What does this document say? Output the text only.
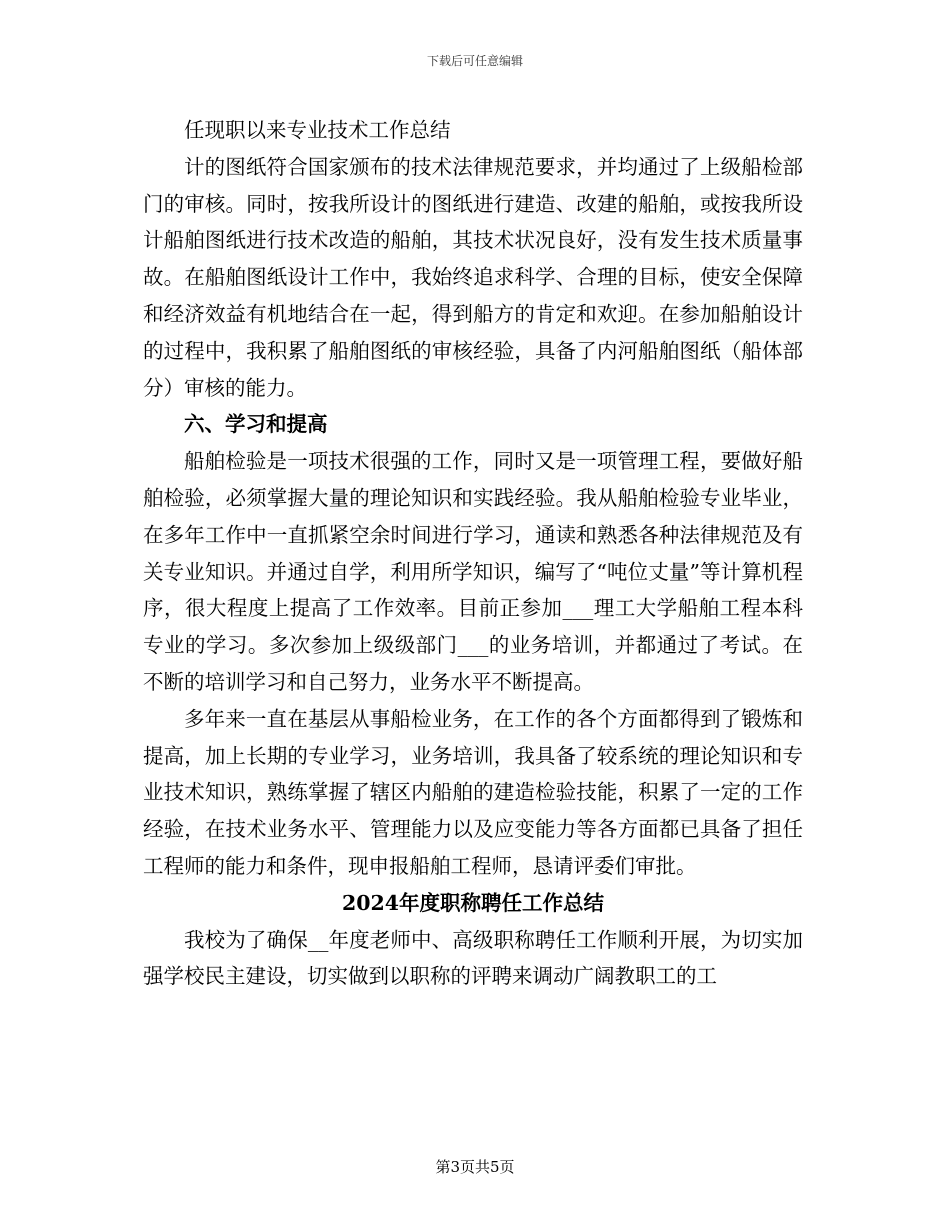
下载后可任意编辑

任现职以来专业技术工作总结

计的图纸符合国家颁布的技术法律规范要求，并均通过了上级船检部门的审核。同时，按我所设计的图纸进行建造、改建的船舶，或按我所设计船舶图纸进行技术改造的船舶，其技术状况良好，没有发生技术质量事故。在船舶图纸设计工作中，我始终追求科学、合理的目标，使安全保障和经济效益有机地结合在一起，得到船方的肯定和欢迎。在参加船舶设计的过程中，我积累了船舶图纸的审核经验，具备了内河船舶图纸（船体部分）审核的能力。

六、学习和提高

船舶检验是一项技术很强的工作，同时又是一项管理工程，要做好船舶检验，必须掌握大量的理论知识和实践经验。我从船舶检验专业毕业，在多年工作中一直抓紧空余时间进行学习，通读和熟悉各种法律规范及有关专业知识。并通过自学，利用所学知识，编写了“吨位丈量”等计算机程序，很大程度上提高了工作效率。目前正参加___理工大学船舶工程本科专业的学习。多次参加上级级部门___的业务培训，并都通过了考试。在不断的培训学习和自己努力，业务水平不断提高。

多年来一直在基层从事船检业务，在工作的各个方面都得到了锻炼和提高，加上长期的专业学习，业务培训，我具备了较系统的理论知识和专业技术知识，熟练掌握了辖区内船舶的建造检验技能，积累了一定的工作经验，在技术业务水平、管理能力以及应变能力等各方面都已具备了担任工程师的能力和条件，现申报船舶工程师，恳请评委们审批。

2024年度职称聘任工作总结

我校为了确保__年度老师中、高级职称聘任工作顺利开展，为切实加强学校民主建设，切实做到以职称的评聘来调动广阔教职工的工

第3页共5页
